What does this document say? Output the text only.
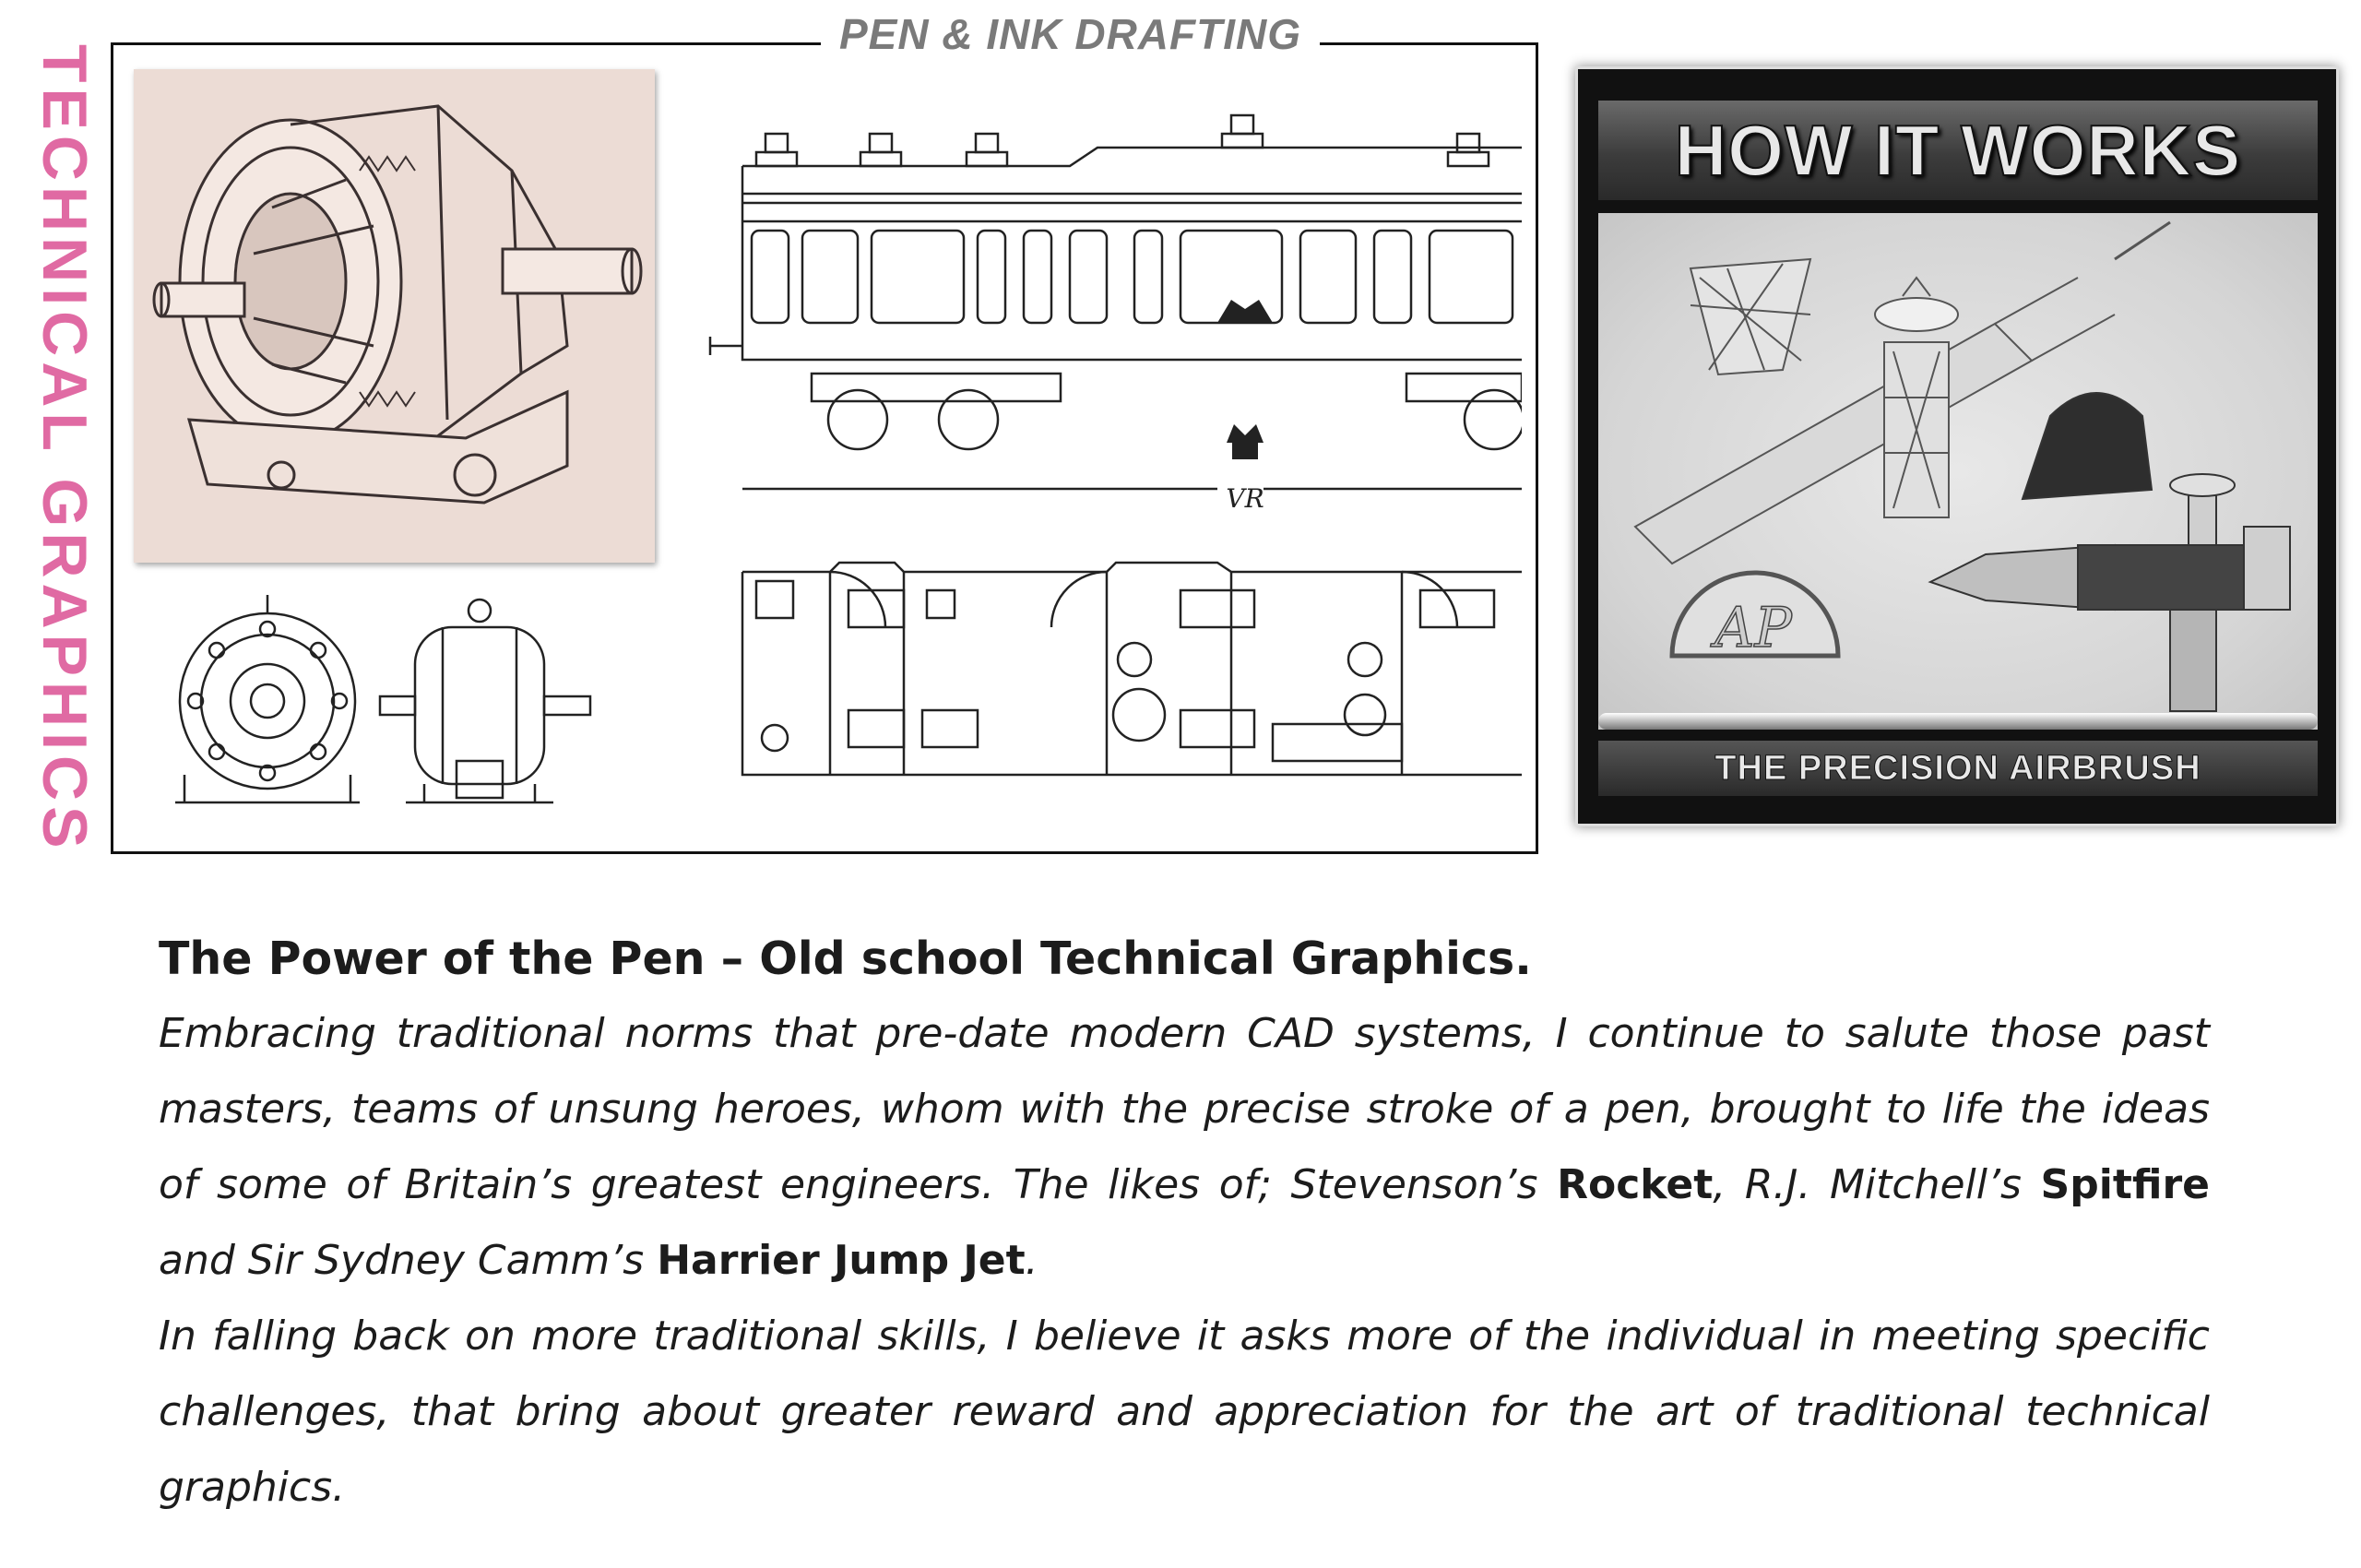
TECHNICAL GRAPHICS
PEN & INK DRAFTING
VR
HOW IT WORKS
AP
THE PRECISION AIRBRUSH
The Power of the Pen – Old school Technical Graphics.

Embracing traditional norms that pre-date modern CAD systems, I continue to salute those past masters, teams of unsung heroes, whom with the precise stroke of a pen, brought to life the ideas of some of Britain’s greatest engineers. The likes of; Stevenson’s Rocket, R.J. Mitchell’s Spitfire and Sir Sydney Camm’s Harrier Jump Jet.

In falling back on more traditional skills, I believe it asks more of the individual in meeting specific challenges, that bring about greater reward and appreciation for the art of traditional technical graphics.
